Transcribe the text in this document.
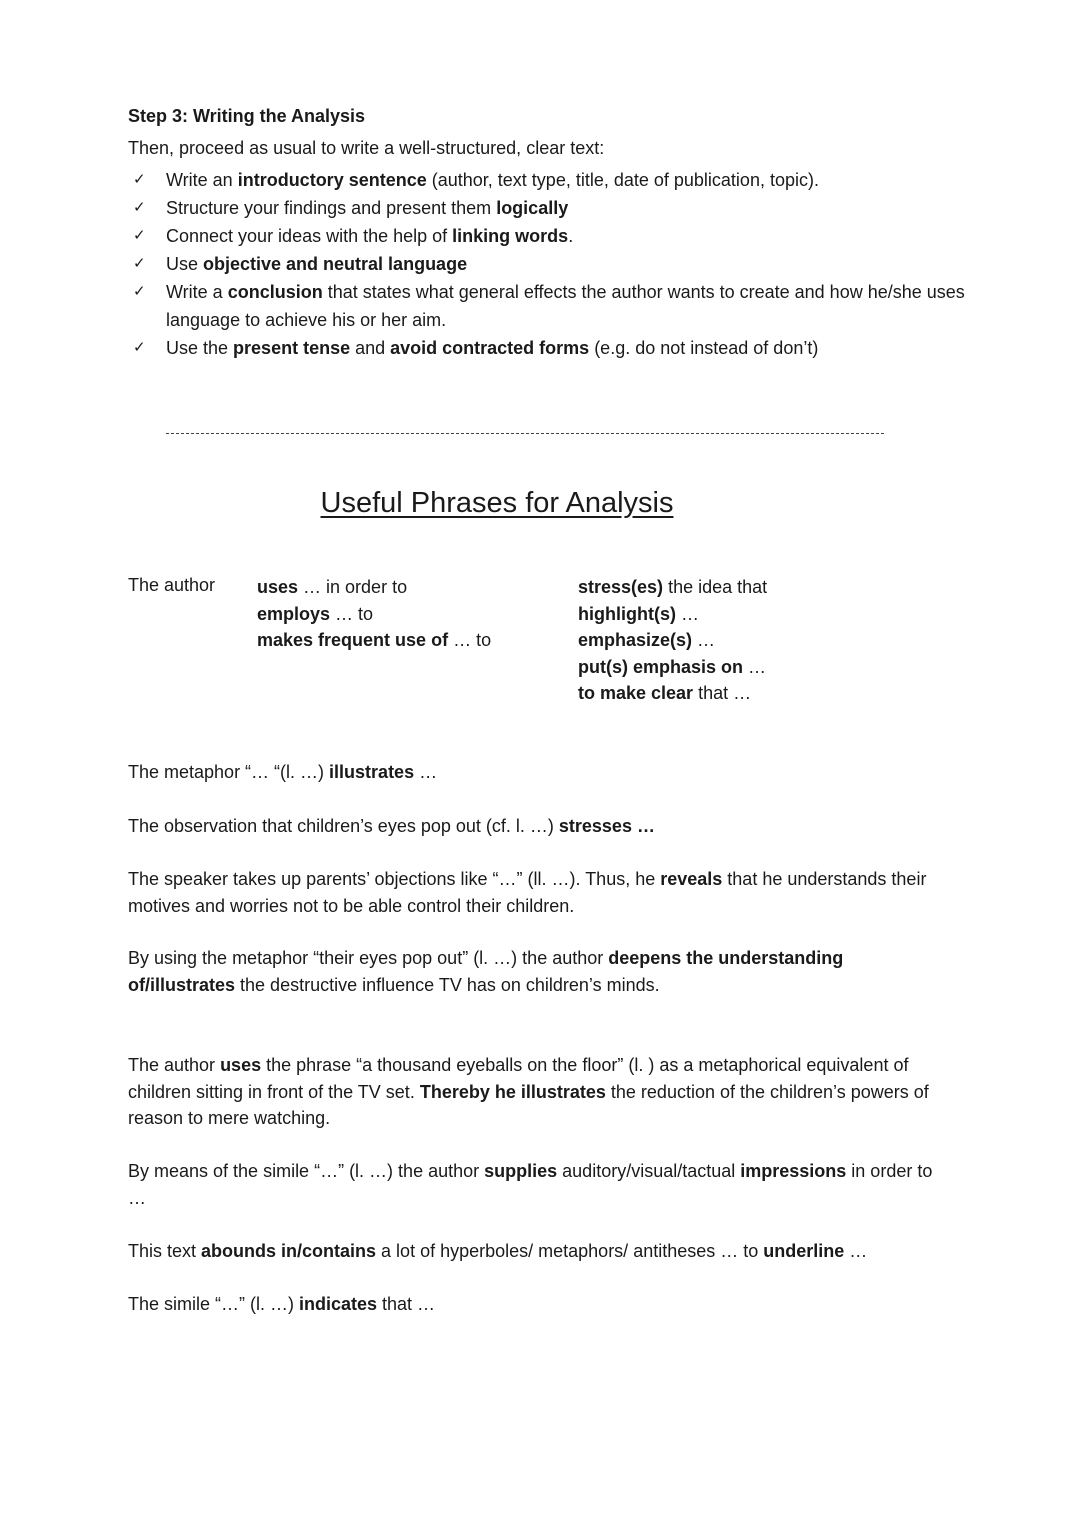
Step 3: Writing the Analysis
Then, proceed as usual to write a well-structured, clear text:
✓ Write an introductory sentence (author, text type, title, date of publication, topic).
✓ Structure your findings and present them logically
✓ Connect your ideas with the help of linking words.
✓ Use objective and neutral language
✓ Write a conclusion that states what general effects the author wants to create and how he/she uses language to achieve his or her aim.
✓ Use the present tense and avoid contracted forms (e.g. do not instead of don’t)
Useful Phrases for Analysis
The author uses … in order to
employs … to
makes frequent use of … to
stress(es) the idea that
highlight(s) …
emphasize(s) …
put(s) emphasis on …
to make clear that …
The metaphor “… “(l. …) illustrates …
The observation that children’s eyes pop out (cf. l. …) stresses …
The speaker takes up parents’ objections like “…” (ll. …). Thus, he reveals that he understands their motives and worries not to be able control their children.
By using the metaphor “their eyes pop out” (l. …) the author deepens the understanding of/illustrates the destructive influence TV has on children’s minds.
The author uses the phrase “a thousand eyeballs on the floor” (l. ) as a metaphorical equivalent of children sitting in front of the TV set. Thereby he illustrates the reduction of the children’s powers of reason to mere watching.
By means of the simile “…” (l. …) the author supplies auditory/visual/tactual impressions in order to …
This text abounds in/contains a lot of hyperboles/ metaphors/ antitheses … to underline …
The simile “…” (l. …) indicates that …
